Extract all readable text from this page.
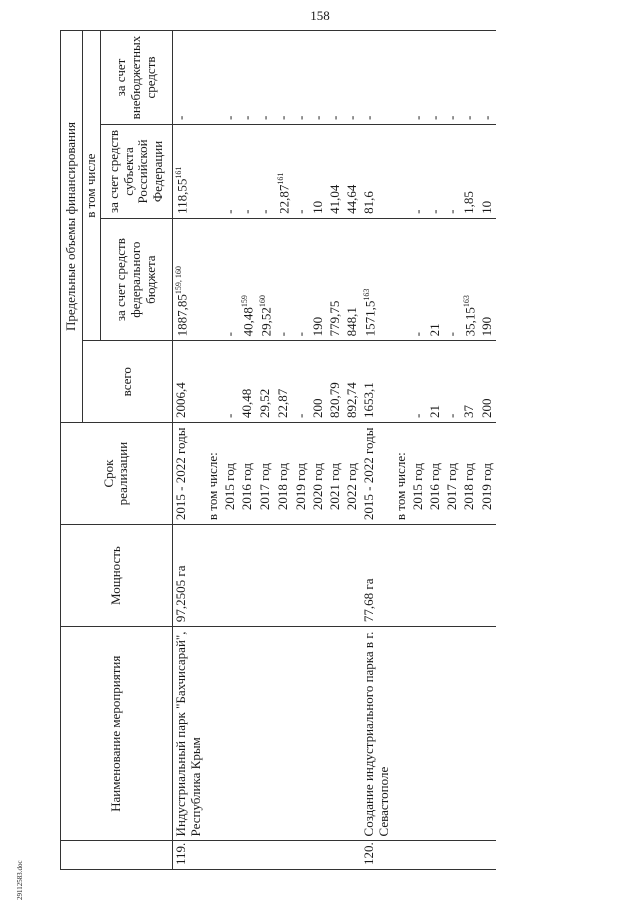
158
	Наименование мероприятия	Мощность	Срок реализации	Предельные объемы финансирования			
				всего	в том числе		
					за счет средств федерального бюджета	за счет средств субъекта Российской Федерации	за счет внебюджетных средств
119.	Индустриальный парк "Бахчисарай", Республика Крым	97,2505 га	2015 - 2022 годы	2006,4	1887,85$^{159, 160}$	118,55$^{161}$	-
			в том числе:				
			2015 год	-	-	-	-
			2016 год	40,48	40,48$^{159}$	-	-
			2017 год	29,52	29,52$^{160}$	-	-
			2018 год	22,87	-	22,87$^{161}$	-
			2019 год	-	-	-	-
			2020 год	200	190	10	-
			2021 год	820,79	779,75	41,04	-
			2022 год	892,74	848,1	44,64	-
120.	Создание индустриального парка в г. Севастополе	77,68 га	2015 - 2022 годы	1653,1	1571,5$^{163}$	81,6	-
			в том числе:				
			2015 год	-	-	-	-
			2016 год	21	21	-	-
			2017 год	-	-	-	-
			2018 год	37	35,15$^{163}$	1,85	-
			2019 год	200	190	10	-
2911258З.doc
